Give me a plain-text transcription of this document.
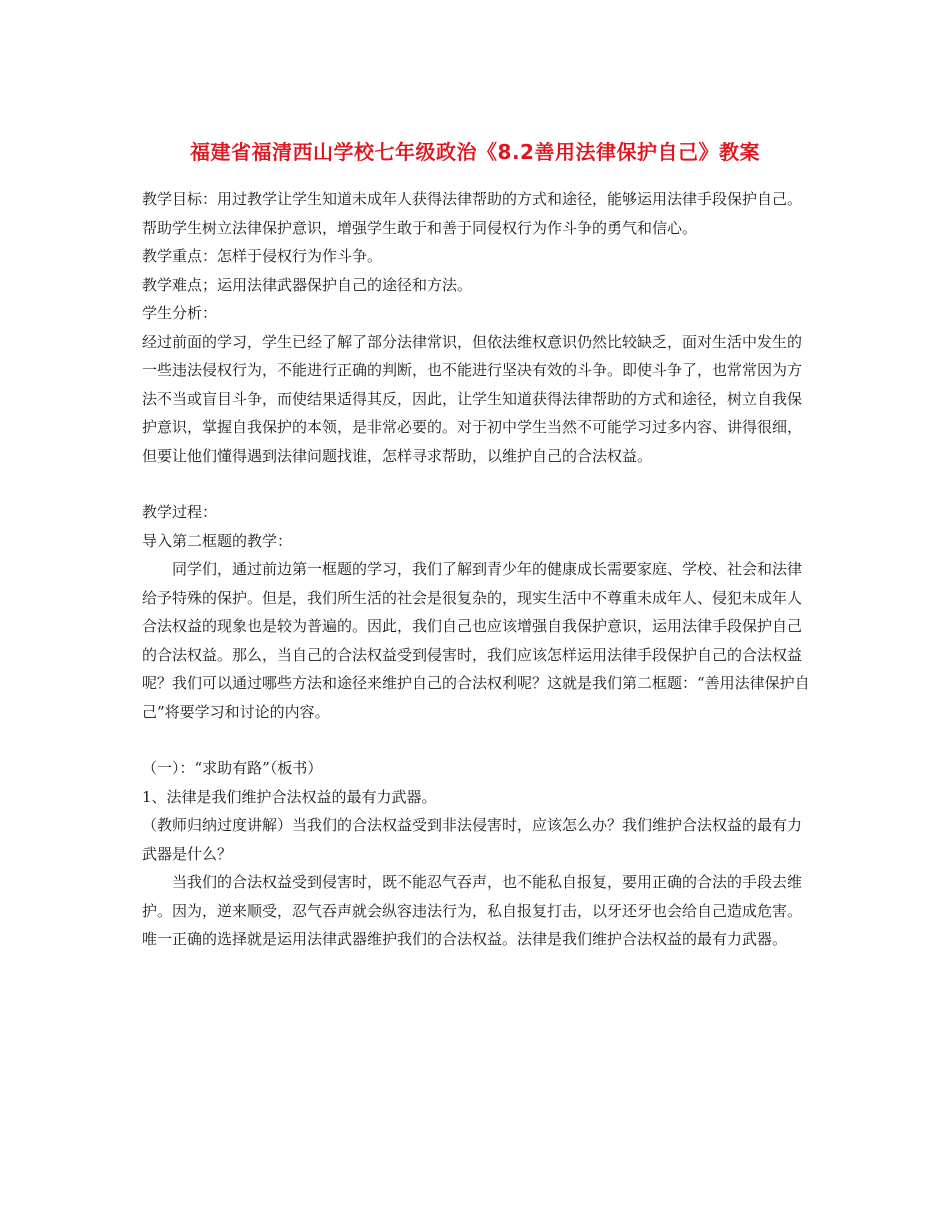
福建省福清西山学校七年级政治《8.2善用法律保护自己》教案

教学目标：用过教学让学生知道未成年人获得法律帮助的方式和途径，能够运用法律手段保护自己。帮助学生树立法律保护意识，增强学生敢于和善于同侵权行为作斗争的勇气和信心。

教学重点：怎样于侵权行为作斗争。

教学难点；运用法律武器保护自己的途径和方法。

学生分析：

经过前面的学习，学生已经了解了部分法律常识，但依法维权意识仍然比较缺乏，面对生活中发生的一些违法侵权行为，不能进行正确的判断，也不能进行坚决有效的斗争。即使斗争了，也常常因为方法不当或盲目斗争，而使结果适得其反，因此，让学生知道获得法律帮助的方式和途径，树立自我保护意识，掌握自我保护的本领，是非常必要的。对于初中学生当然不可能学习过多内容、讲得很细，但要让他们懂得遇到法律问题找谁，怎样寻求帮助，以维护自己的合法权益。

教学过程：

导入第二框题的教学：

同学们，通过前边第一框题的学习，我们了解到青少年的健康成长需要家庭、学校、社会和法律给予特殊的保护。但是，我们所生活的社会是很复杂的，现实生活中不尊重未成年人、侵犯未成年人合法权益的现象也是较为普遍的。因此，我们自己也应该增强自我保护意识，运用法律手段保护自己的合法权益。那么，当自己的合法权益受到侵害时，我们应该怎样运用法律手段保护自己的合法权益呢？我们可以通过哪些方法和途径来维护自己的合法权利呢？这就是我们第二框题：“善用法律保护自己”将要学习和讨论的内容。

（一）：“求助有路”（板书）

1、法律是我们维护合法权益的最有力武器。

（教师归纳过度讲解）当我们的合法权益受到非法侵害时，应该怎么办？我们维护合法权益的最有力武器是什么？

当我们的合法权益受到侵害时，既不能忍气吞声，也不能私自报复，要用正确的合法的手段去维护。因为，逆来顺受，忍气吞声就会纵容违法行为，私自报复打击，以牙还牙也会给自己造成危害。唯一正确的选择就是运用法律武器维护我们的合法权益。法律是我们维护合法权益的最有力武器。
